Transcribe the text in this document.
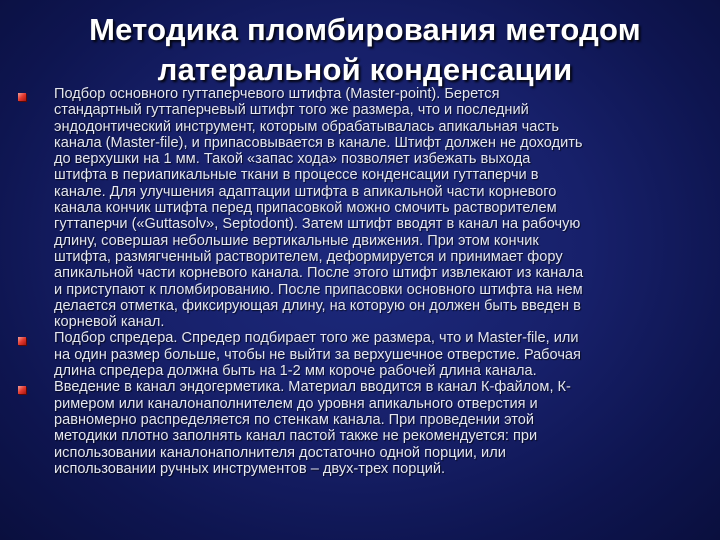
Методика пломбирования методом
латеральной конденсации

Подбор основного гуттаперчевого штифта (Master-point). Берется
стандартный гуттаперчевый штифт того же размера, что и последний
эндодонтический инструмент, которым обрабатывалась апикальная часть
канала (Master-file), и припасовывается в канале. Штифт должен не доходить
до верхушки на 1 мм. Такой «запас хода» позволяет избежать выхода
штифта в периапикальные ткани в процессе конденсации гуттаперчи в
канале. Для улучшения адаптации штифта в апикальной части корневого
канала кончик штифта перед припасовкой можно смочить растворителем
гуттаперчи («Guttasolv», Septodont). Затем штифт вводят в канал на рабочую
длину, совершая небольшие вертикальные движения. При этом кончик
штифта, размягченный растворителем, деформируется и принимает фору
апикальной части корневого канала. После этого штифт извлекают из канала
и приступают к пломбированию. После припасовки основного штифта на нем
делается отметка, фиксирующая длину, на которую он должен быть введен в
корневой канал.

Подбор спредера. Спредер подбирает того же размера, что и Master-file, или
на один размер больше, чтобы не выйти за верхушечное отверстие. Рабочая
длина спредера должна быть на 1-2 мм короче рабочей длина канала.

Введение в канал эндогерметика. Материал вводится в канал К-файлом, К-
римером или каналонаполнителем до уровня апикального отверстия и
равномерно распределяется по стенкам канала. При проведении этой
методики плотно заполнять канал пастой также не рекомендуется: при
использовании каналонаполнителя достаточно одной порции, или
использовании ручных инструментов – двух-трех порций.
